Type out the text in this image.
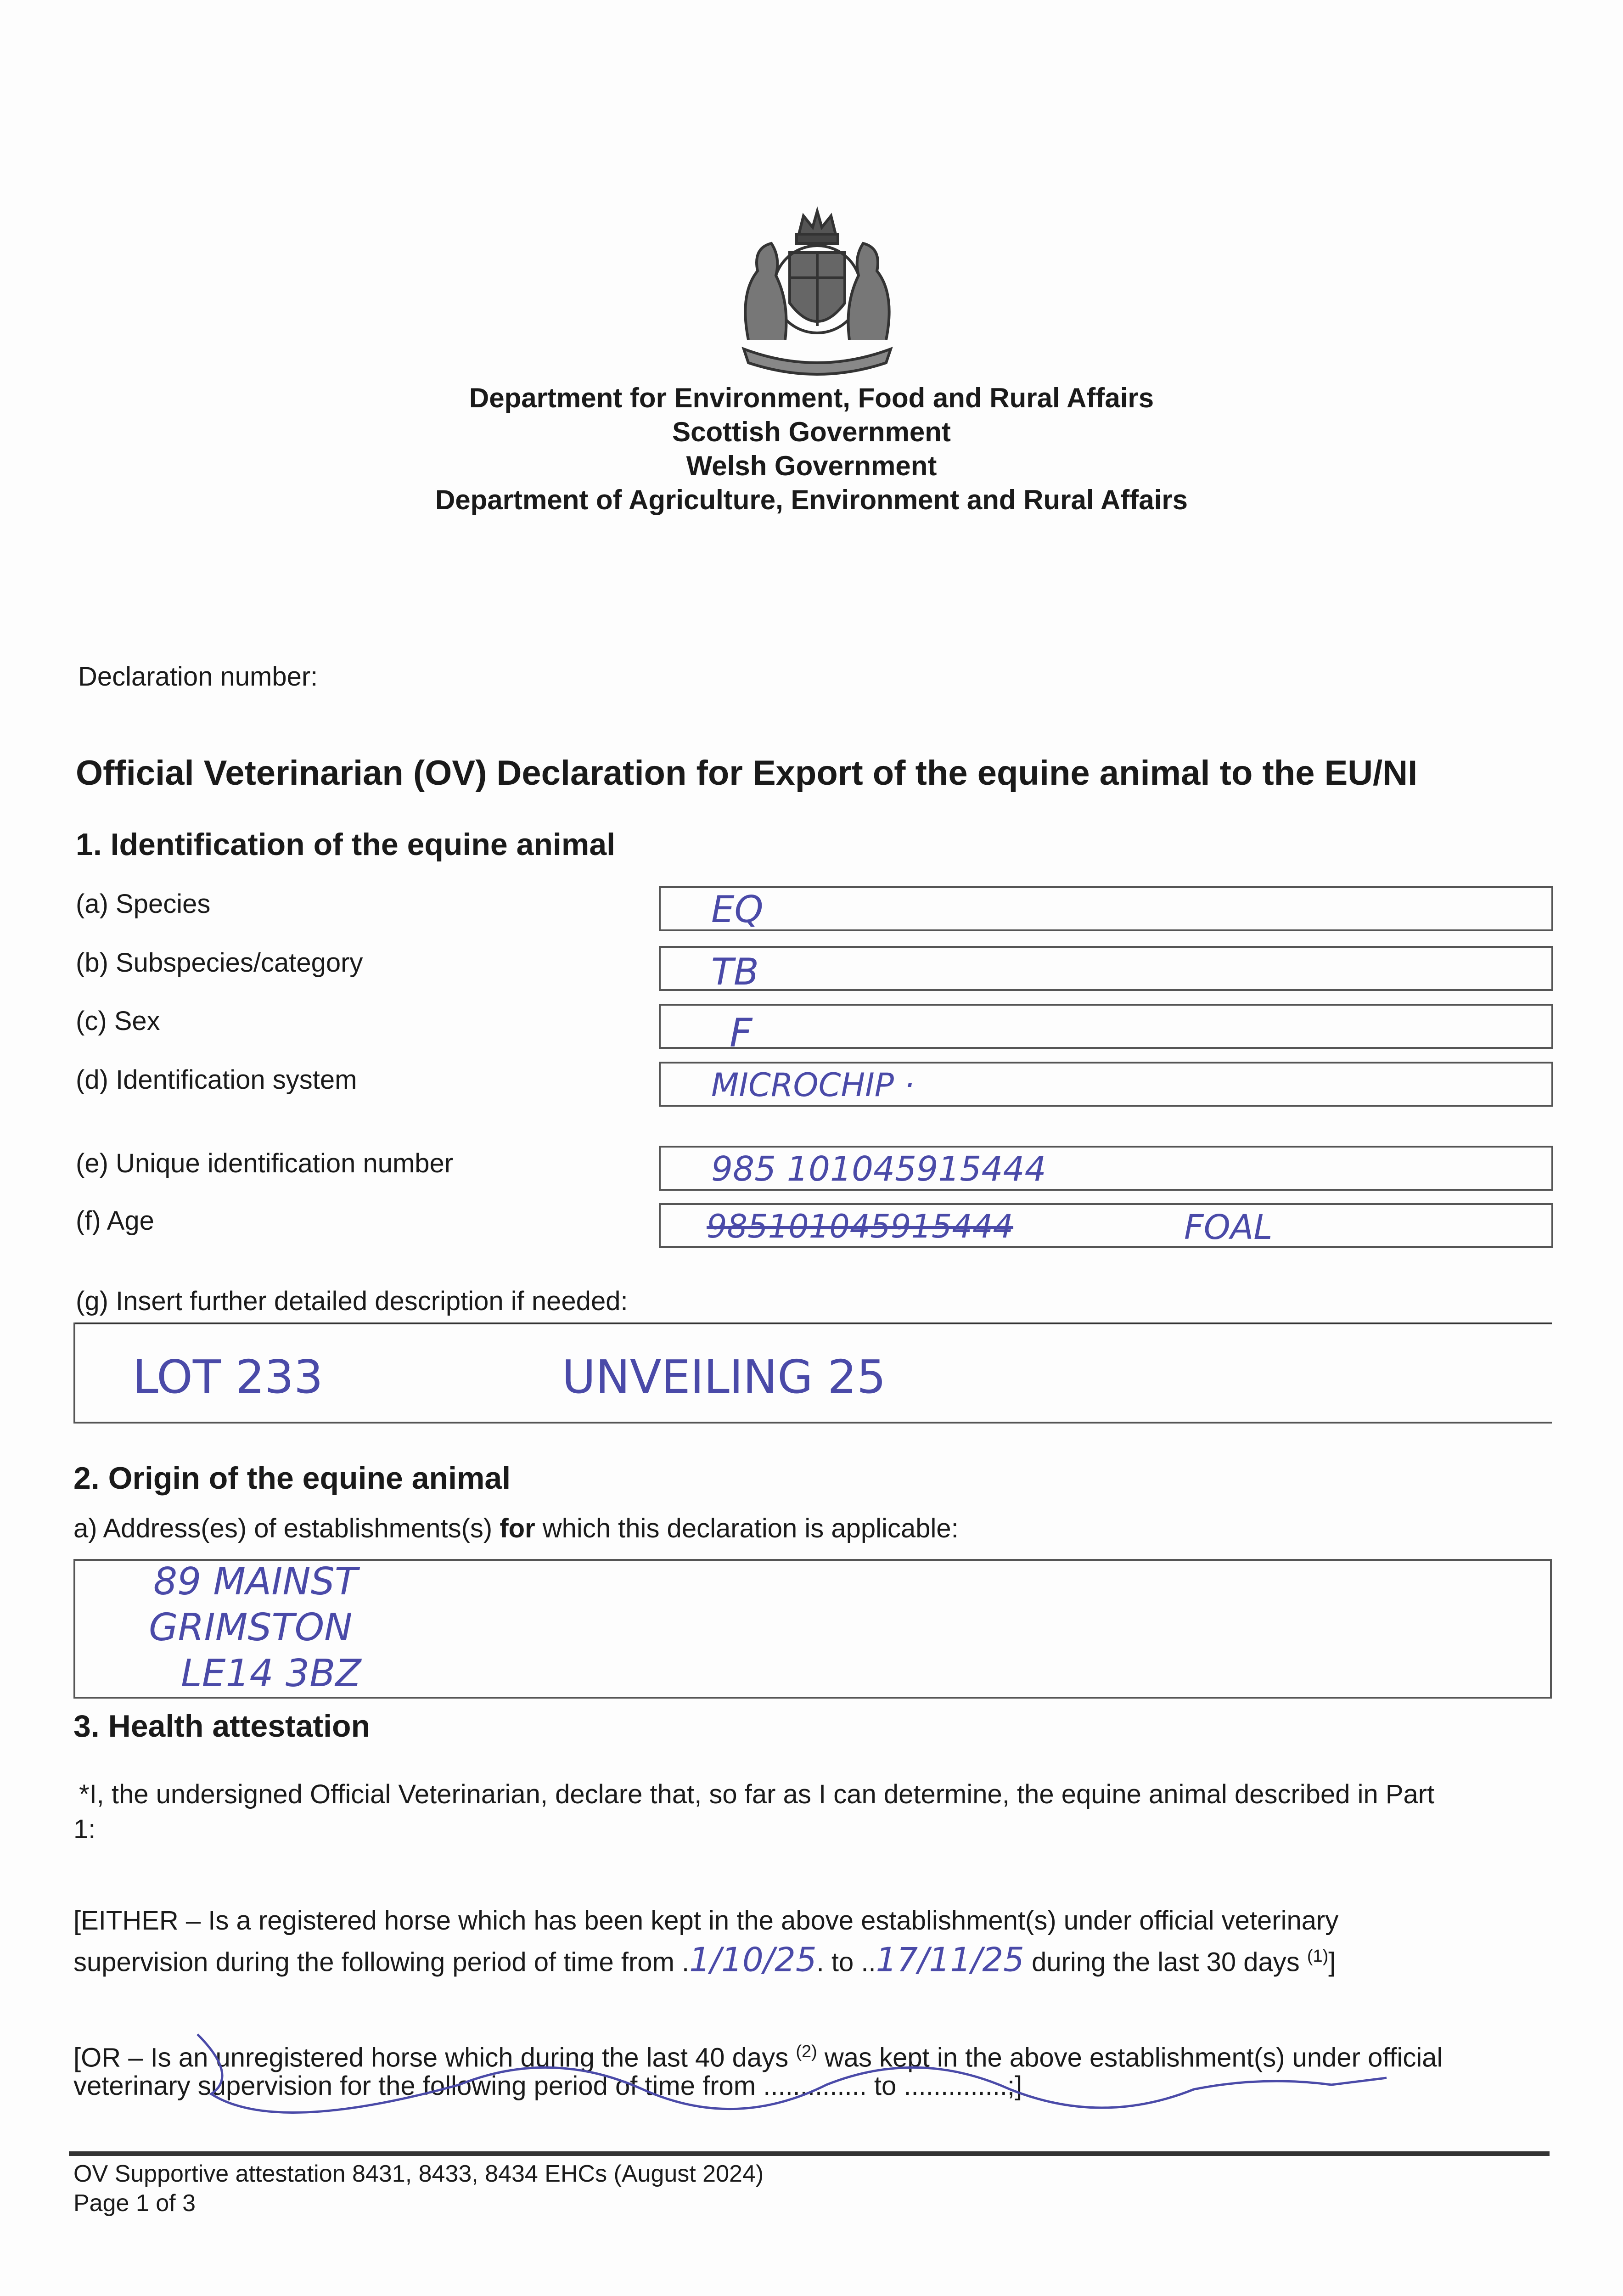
Department for Environment, Food and Rural Affairs
Scottish Government
Welsh Government
Department of Agriculture, Environment and Rural Affairs
Declaration number:
Official Veterinarian (OV) Declaration for Export of the equine animal to the EU/NI
1. Identification of the equine animal
(a) Species	EQ
(b) Subspecies/category	TB
(c) Sex	F
(d) Identification system	MICROCHIP ·
(e) Unique identification number	985 101045915444
(f) Age	985101045915444	FOAL
(g) Insert further detailed description if needed:
LOT 233	UNVEILING 25
2. Origin of the equine animal
a) Address(es) of establishments(s) for which this declaration is applicable:
89 MAINST
GRIMSTON
LE14 3BZ
3. Health attestation
*I, the undersigned Official Veterinarian, declare that, so far as I can determine, the equine animal described in Part
1:
[EITHER – Is a registered horse which has been kept in the above establishment(s) under official veterinary
supervision during the following period of time from .1/10/25. to ..17/11/25 during the last 30 days $^{(1)}$]
[OR – Is an unregistered horse which during the last 40 days $^{(2)}$ was kept in the above establishment(s) under official
veterinary supervision for the following period of time from .............. to ..............;]
OV Supportive attestation 8431, 8433, 8434 EHCs (August 2024)
Page 1 of 3
